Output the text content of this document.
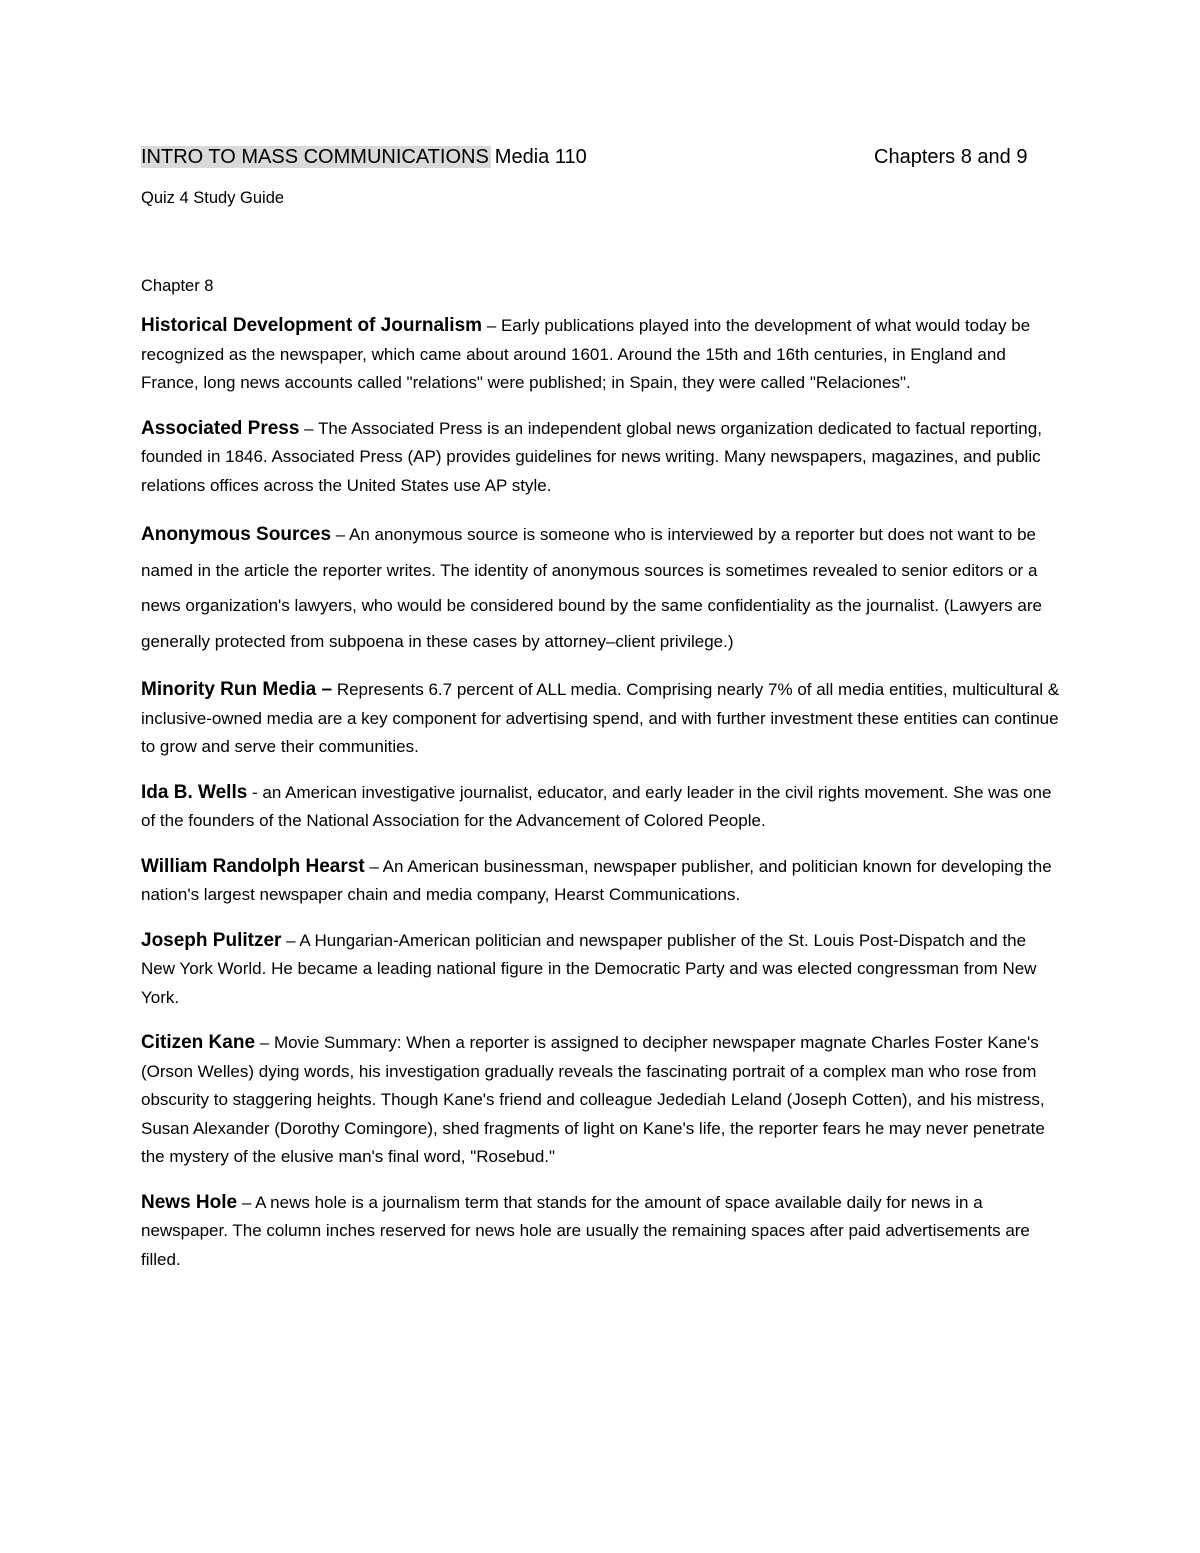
INTRO TO MASS COMMUNICATIONS Media 110	Chapters 8 and 9
Quiz 4 Study Guide
Chapter 8

Historical Development of Journalism – Early publications played into the development of what would today be recognized as the newspaper, which came about around 1601. Around the 15th and 16th centuries, in England and France, long news accounts called "relations" were published; in Spain, they were called "Relaciones".

Associated Press – The Associated Press is an independent global news organization dedicated to factual reporting, founded in 1846. Associated Press (AP) provides guidelines for news writing. Many newspapers, magazines, and public relations offices across the United States use AP style.

Anonymous Sources – An anonymous source is someone who is interviewed by a reporter but does not want to be named in the article the reporter writes. The identity of anonymous sources is sometimes revealed to senior editors or a news organization's lawyers, who would be considered bound by the same confidentiality as the journalist. (Lawyers are generally protected from subpoena in these cases by attorney–client privilege.)

Minority Run Media – Represents 6.7 percent of ALL media. Comprising nearly 7% of all media entities, multicultural & inclusive-owned media are a key component for advertising spend, and with further investment these entities can continue to grow and serve their communities.

Ida B. Wells - an American investigative journalist, educator, and early leader in the civil rights movement. She was one of the founders of the National Association for the Advancement of Colored People.

William Randolph Hearst – An American businessman, newspaper publisher, and politician known for developing the nation's largest newspaper chain and media company, Hearst Communications.

Joseph Pulitzer – A Hungarian-American politician and newspaper publisher of the St. Louis Post-Dispatch and the New York World. He became a leading national figure in the Democratic Party and was elected congressman from New York.

Citizen Kane – Movie Summary: When a reporter is assigned to decipher newspaper magnate Charles Foster Kane's (Orson Welles) dying words, his investigation gradually reveals the fascinating portrait of a complex man who rose from obscurity to staggering heights. Though Kane's friend and colleague Jedediah Leland (Joseph Cotten), and his mistress, Susan Alexander (Dorothy Comingore), shed fragments of light on Kane's life, the reporter fears he may never penetrate the mystery of the elusive man's final word, "Rosebud."

News Hole – A news hole is a journalism term that stands for the amount of space available daily for news in a newspaper. The column inches reserved for news hole are usually the remaining spaces after paid advertisements are filled.
